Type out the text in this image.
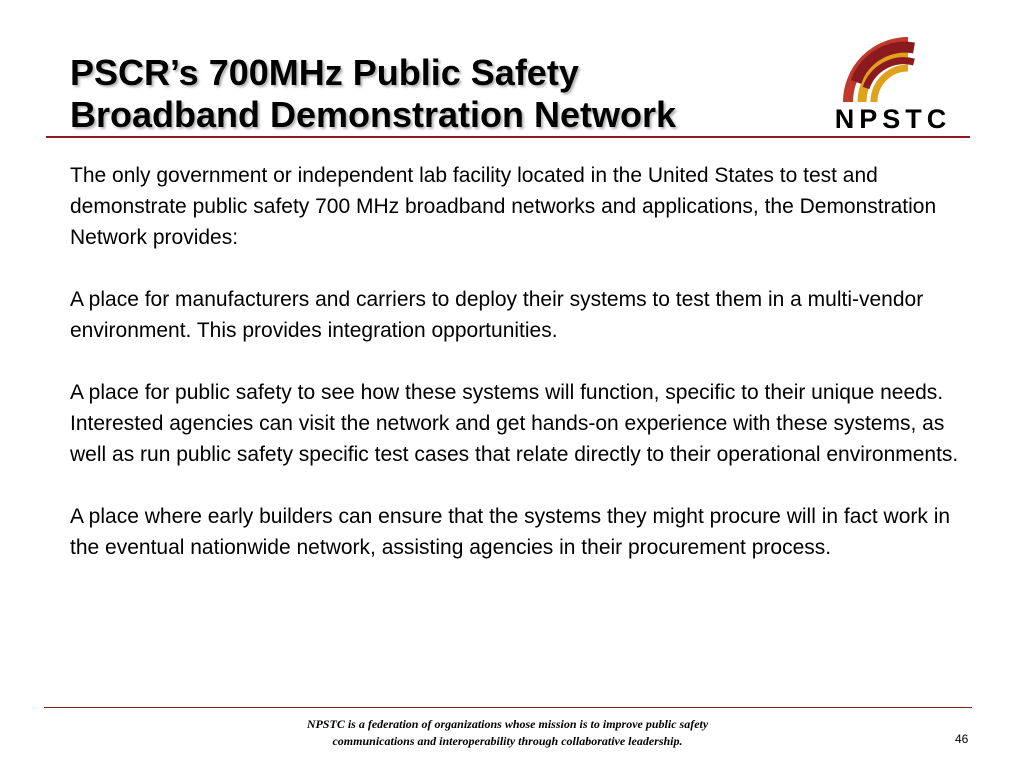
PSCR’s 700MHz Public Safety
Broadband Demonstration Network	NPSTC

The only government or independent lab facility located in the United States to test and demonstrate public safety 700 MHz broadband networks and applications, the Demonstration Network provides:

A place for manufacturers and carriers to deploy their systems to test them in a multi-vendor environment. This provides integration opportunities.

A place for public safety to see how these systems will function, specific to their unique needs. Interested agencies can visit the network and get hands-on experience with these systems, as well as run public safety specific test cases that relate directly to their operational environments.

A place where early builders can ensure that the systems they might procure will in fact work in the eventual nationwide network, assisting agencies in their procurement process.

NPSTC is a federation of organizations whose mission is to improve public safety
communications and interoperability through collaborative leadership.	46
